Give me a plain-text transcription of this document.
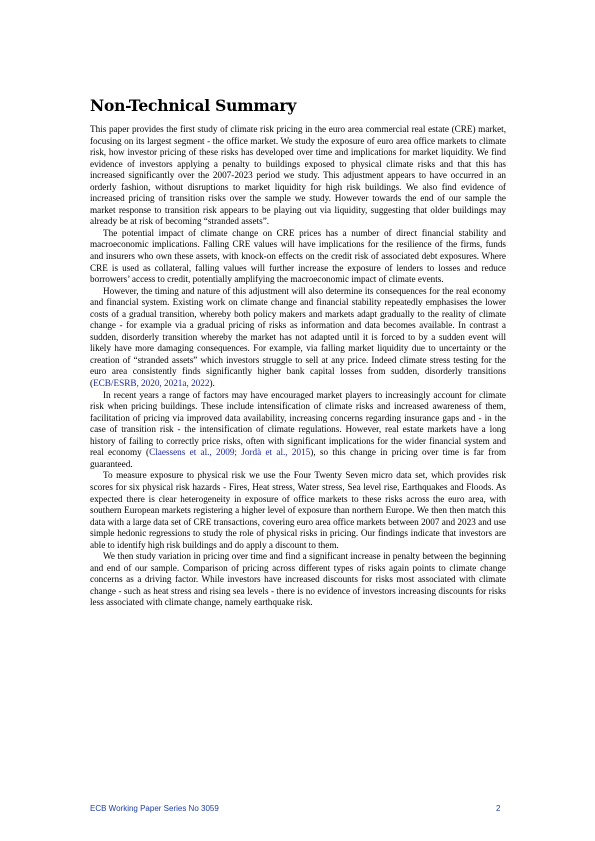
Non-Technical Summary

This paper provides the first study of climate risk pricing in the euro area commercial real estate (CRE) market, focusing on its largest segment - the office market. We study the exposure of euro area office markets to climate risk, how investor pricing of these risks has developed over time and implications for market liquidity. We find evidence of investors applying a penalty to buildings exposed to physical climate risks and that this has increased significantly over the 2007-2023 period we study. This adjustment appears to have occurred in an orderly fashion, without disruptions to market liquidity for high risk buildings. We also find evidence of increased pricing of transition risks over the sample we study. However towards the end of our sample the market response to transition risk appears to be playing out via liquidity, suggesting that older buildings may already be at risk of becoming “stranded assets”.

The potential impact of climate change on CRE prices has a number of direct financial stability and macroeconomic implications. Falling CRE values will have implications for the resilience of the firms, funds and insurers who own these assets, with knock-on effects on the credit risk of associated debt exposures. Where CRE is used as collateral, falling values will further increase the exposure of lenders to losses and reduce borrowers’ access to credit, potentially amplifying the macroeconomic impact of climate events.

However, the timing and nature of this adjustment will also determine its consequences for the real economy and financial system. Existing work on climate change and financial stability repeatedly emphasises the lower costs of a gradual transition, whereby both policy makers and markets adapt gradually to the reality of climate change - for example via a gradual pricing of risks as information and data becomes available. In contrast a sudden, disorderly transition whereby the market has not adapted until it is forced to by a sudden event will likely have more damaging consequences. For example, via falling market liquidity due to uncertainty or the creation of “stranded assets” which investors struggle to sell at any price. Indeed climate stress testing for the euro area consistently finds significantly higher bank capital losses from sudden, disorderly transitions (ECB/ESRB, 2020, 2021a, 2022).

In recent years a range of factors may have encouraged market players to increasingly account for climate risk when pricing buildings. These include intensification of climate risks and increased awareness of them, facilitation of pricing via improved data availability, increasing concerns regarding insurance gaps and - in the case of transition risk - the intensification of climate regulations. However, real estate markets have a long history of failing to correctly price risks, often with significant implications for the wider financial system and real economy (Claessens et al., 2009; Jordà et al., 2015), so this change in pricing over time is far from guaranteed.

To measure exposure to physical risk we use the Four Twenty Seven micro data set, which provides risk scores for six physical risk hazards - Fires, Heat stress, Water stress, Sea level rise, Earthquakes and Floods. As expected there is clear heterogeneity in exposure of office markets to these risks across the euro area, with southern European markets registering a higher level of exposure than northern Europe. We then then match this data with a large data set of CRE transactions, covering euro area office markets between 2007 and 2023 and use simple hedonic regressions to study the role of physical risks in pricing. Our findings indicate that investors are able to identify high risk buildings and do apply a discount to them.

We then study variation in pricing over time and find a significant increase in penalty between the beginning and end of our sample. Comparison of pricing across different types of risks again points to climate change concerns as a driving factor. While investors have increased discounts for risks most associated with climate change - such as heat stress and rising sea levels - there is no evidence of investors increasing discounts for risks less associated with climate change, namely earthquake risk.

ECB Working Paper Series No 3059	2
